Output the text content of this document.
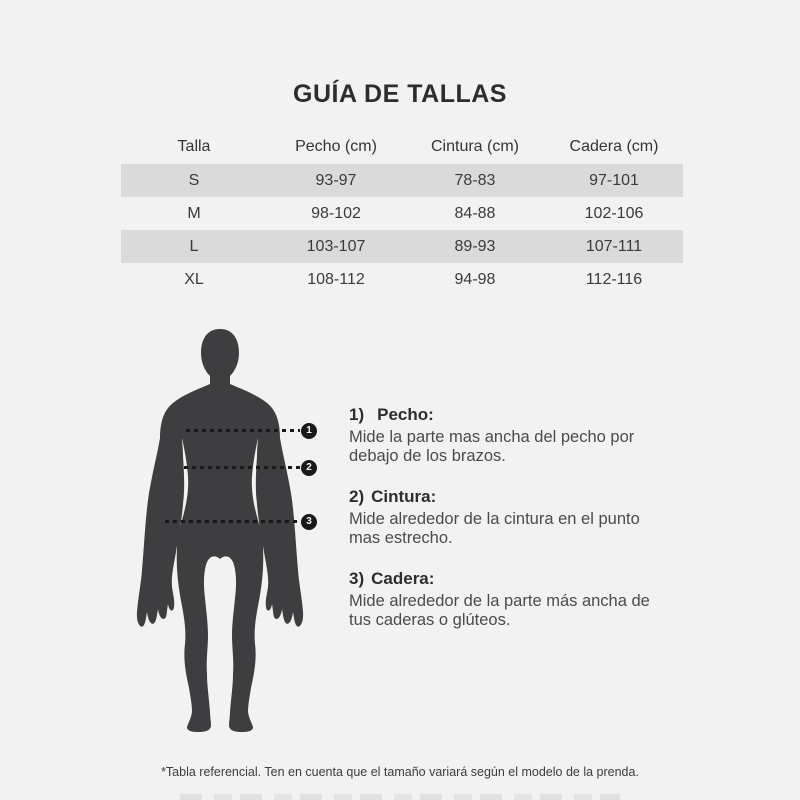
GUÍA DE TALLAS
Talla	Pecho (cm)	Cintura (cm)	Cadera (cm)
S	93-97	78-83	97-101
M	98-102	84-88	102-106
L	103-107	89-93	107-111
XL	108-112	94-98	112-116
1
2
3
1) Pecho:
Mide la parte mas ancha del pecho por
debajo de los brazos.
2) Cintura:
Mide alrededor de la cintura en el punto
mas estrecho.
3) Cadera:
Mide alrededor de la parte más ancha de
tus caderas o glúteos.
*Tabla referencial. Ten en cuenta que el tamaño variará según el modelo de la prenda.
